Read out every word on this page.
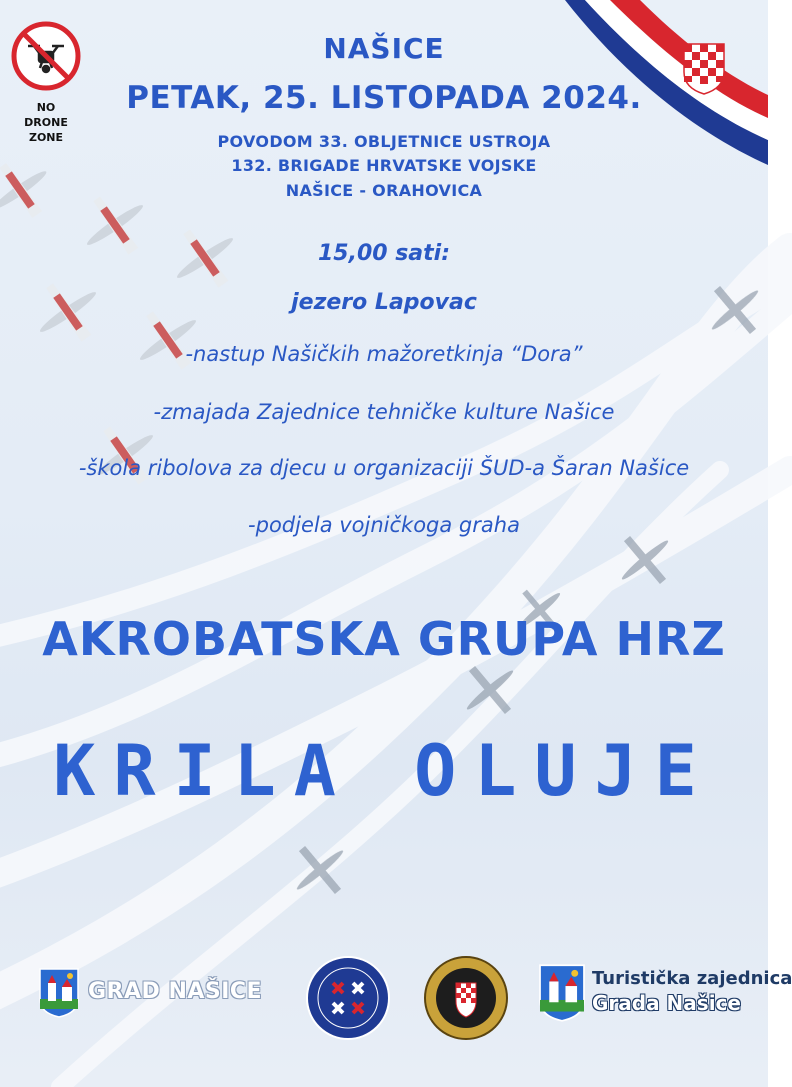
NO
DRONE
ZONE

NAŠICE

PETAK, 25. LISTOPADA 2024.

POVODOM 33. OBLJETNICE USTROJA

132. BRIGADE HRVATSKE VOJSKE

NAŠICE - ORAHOVICA

15,00 sati:

jezero Lapovac

-nastup Našičkih mažoretkinja “Dora”

-zmajada Zajednice tehničke kulture Našice

-škola ribolova za djecu u organizaciji ŠUD-a Šaran Našice

-podjela vojničkoga graha

AKROBATSKA GRUPA HRZ

KRILA OLUJE

GRAD NAŠICE
Turistička zajednica
Grada Našice
